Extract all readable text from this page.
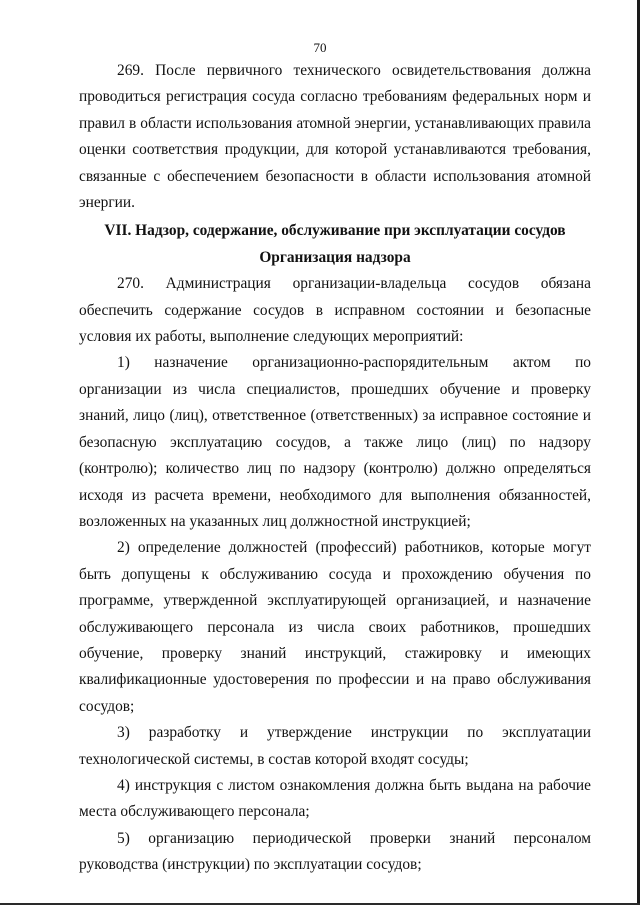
70

269. После первичного технического освидетельствования должна проводиться регистрация сосуда согласно требованиям федеральных норм и правил в области использования атомной энергии, устанавливающих правила оценки соответствия продукции, для которой устанавливаются требования, связанные с обеспечением безопасности в области использования атомной энергии.

VII. Надзор, содержание, обслуживание при эксплуатации сосудов

Организация надзора

270. Администрация организации-владельца сосудов обязана обеспечить содержание сосудов в исправном состоянии и безопасные условия их работы, выполнение следующих мероприятий:

1) назначение организационно-распорядительным актом по организации из числа специалистов, прошедших обучение и проверку знаний, лицо (лиц), ответственное (ответственных) за исправное состояние и безопасную эксплуатацию сосудов, а также лицо (лиц) по надзору (контролю); количество лиц по надзору (контролю) должно определяться исходя из расчета времени, необходимого для выполнения обязанностей, возложенных на указанных лиц должностной инструкцией;

2) определение должностей (профессий) работников, которые могут быть допущены к обслуживанию сосуда и прохождению обучения по программе, утвержденной эксплуатирующей организацией, и назначение обслуживающего персонала из числа своих работников, прошедших обучение, проверку знаний инструкций, стажировку и имеющих квалификационные удостоверения по профессии и на право обслуживания сосудов;

3) разработку и утверждение инструкции по эксплуатации технологической системы, в состав которой входят сосуды;

4) инструкция с листом ознакомления должна быть выдана на рабочие места обслуживающего персонала;

5) организацию периодической проверки знаний персоналом руководства (инструкции) по эксплуатации сосудов;
